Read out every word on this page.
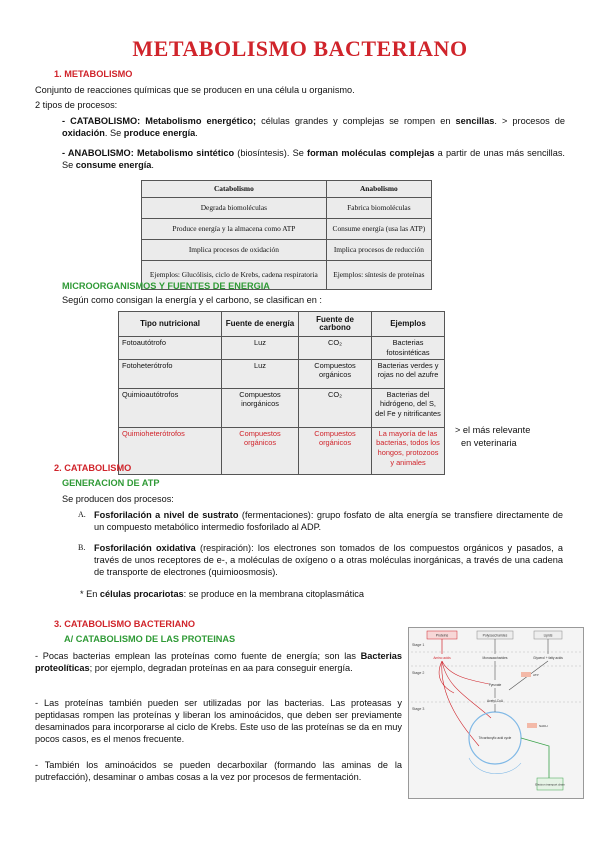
METABOLISMO BACTERIANO
1. METABOLISMO
Conjunto de reacciones químicas que se producen en una célula u organismo.
2 tipos de procesos:

- CATABOLISMO: Metabolismo energético; células grandes y complejas se rompen en sencillas. > procesos de oxidación. Se produce energía.

- ANABOLISMO: Metabolismo sintético (biosíntesis). Se forman moléculas complejas a partir de unas más sencillas. Se consume energía.

Catabolismo	Anabolismo
Degrada biomoléculas	Fabrica biomoléculas
Produce energía y la almacena como ATP	Consume energía (usa las ATP)
Implica procesos de oxidación	Implica procesos de reducción
Ejemplos: Glucólisis, ciclo de Krebs, cadena respiratoria	Ejemplos: síntesis de proteínas
MICROORGANISMOS Y FUENTES DE ENERGIA
Según como consigan la energía y el carbono, se clasifican en :
Tipo nutricional	Fuente de energía	Fuente de carbono	Ejemplos
Fotoautótrofo	Luz	CO₂	Bacterias fotosintéticas
Fotoheterótrofo	Luz	Compuestos orgánicos	Bacterias verdes y rojas no del azufre
Quimioautótrofos	Compuestos inorgánicos	CO₂	Bacterias del hidrógeno, del S, del Fe y nitrificantes
Quimioheterótrofos	Compuestos orgánicos	Compuestos orgánicos	La mayoría de las bacterias, todos los hongos, protozoos y animales
> el más relevante
en veterinaria
2. CATABOLISMO
GENERACION DE ATP
Se producen dos procesos:
A. Fosforilación a nivel de sustrato (fermentaciones): grupo fosfato de alta energía se transfiere directamente de un compuesto metabólico intermedio fosforilado al ADP.

B. Fosforilación oxidativa (respiración): los electrones son tomados de los compuestos orgánicos y pasados, a través de unos receptores de e-, a moléculas de oxígeno o a otras moléculas inorgánicas, a través de una cadena de transporte de electrones (quimioosmosis).

* En células procariotas: se produce en la membrana citoplasmática

3. CATABOLISMO BACTERIANO
A/ CATABOLISMO DE LAS PROTEINAS

- Pocas bacterias emplean las proteínas como fuente de energía; son las Bacterias proteolíticas; por ejemplo, degradan proteínas en aa para conseguir energía.

- Las proteínas también pueden ser utilizadas por las bacterias. Las proteasas y peptidasas rompen las proteínas y liberan los aminoácidos, que deben ser previamente desaminados para incorporarse al ciclo de Krebs. Este uso de las proteínas se da en muy pocos casos, es el menos frecuente.

- También los aminoácidos se pueden decarboxilar (formando las aminas de la putrefacción), desaminar o ambas cosas a la vez por procesos de fermentación.

Stage 1
Stage 2
Stage 3
Proteins	Polysaccharides	Lipids
Amino acids	Monosaccharides	Glycerol + fatty acids
Pyruvate
Acetyl-CoA
Tricarboxylic acid cycle
ATP
NADH
Electron transport chain
